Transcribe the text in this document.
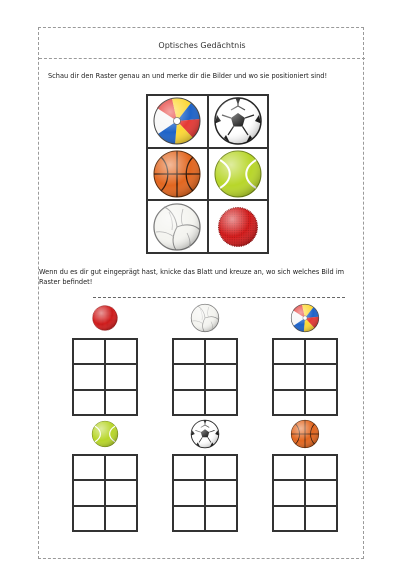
Optisches Gedächtnis
Schau dir den Raster genau an und merke dir die Bilder und wo sie positioniert sind!
Wenn du es dir gut eingeprägt hast, knicke das Blatt und kreuze an, wo sich welches Bild im
Raster befindet!
